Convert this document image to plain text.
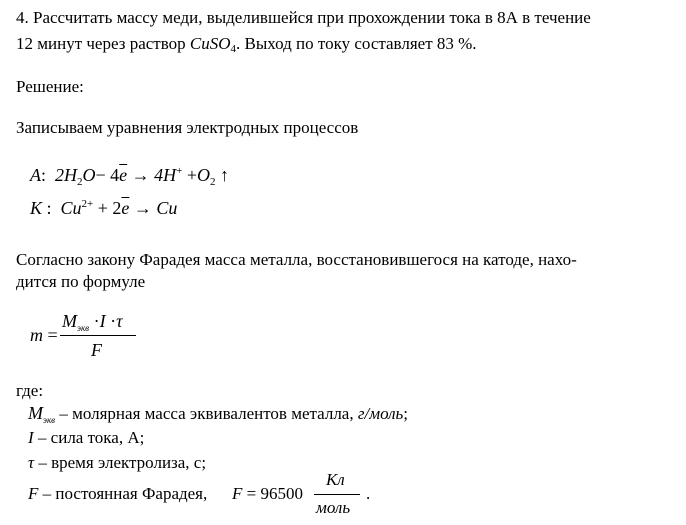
4. Рассчитать массу меди, выделившейся при прохождении тока в 8А в течение
12 минут через раствор CuSO4. Выход по току составляет 83 %.
Решение:
Записываем уравнения электродных процессов
A: $2H_2O- 4\overline{e} \to 4H^+ +O_2$ ↑
K : $Cu^{2+} + 2\overline{e} \to Cu$
Согласно закону Фарадея масса металла, восстановившегося на катоде, нахо-
дится по формуле
m =
$M_{экв} \cdot I \cdot\tau$
F
где:
$M_{экв}$ – молярная масса эквивалентов металла, г/моль;
I – сила тока, А;
τ – время электролиза, с;
F – постоянная Фарадея, F = 96500
Кл
моль
.
